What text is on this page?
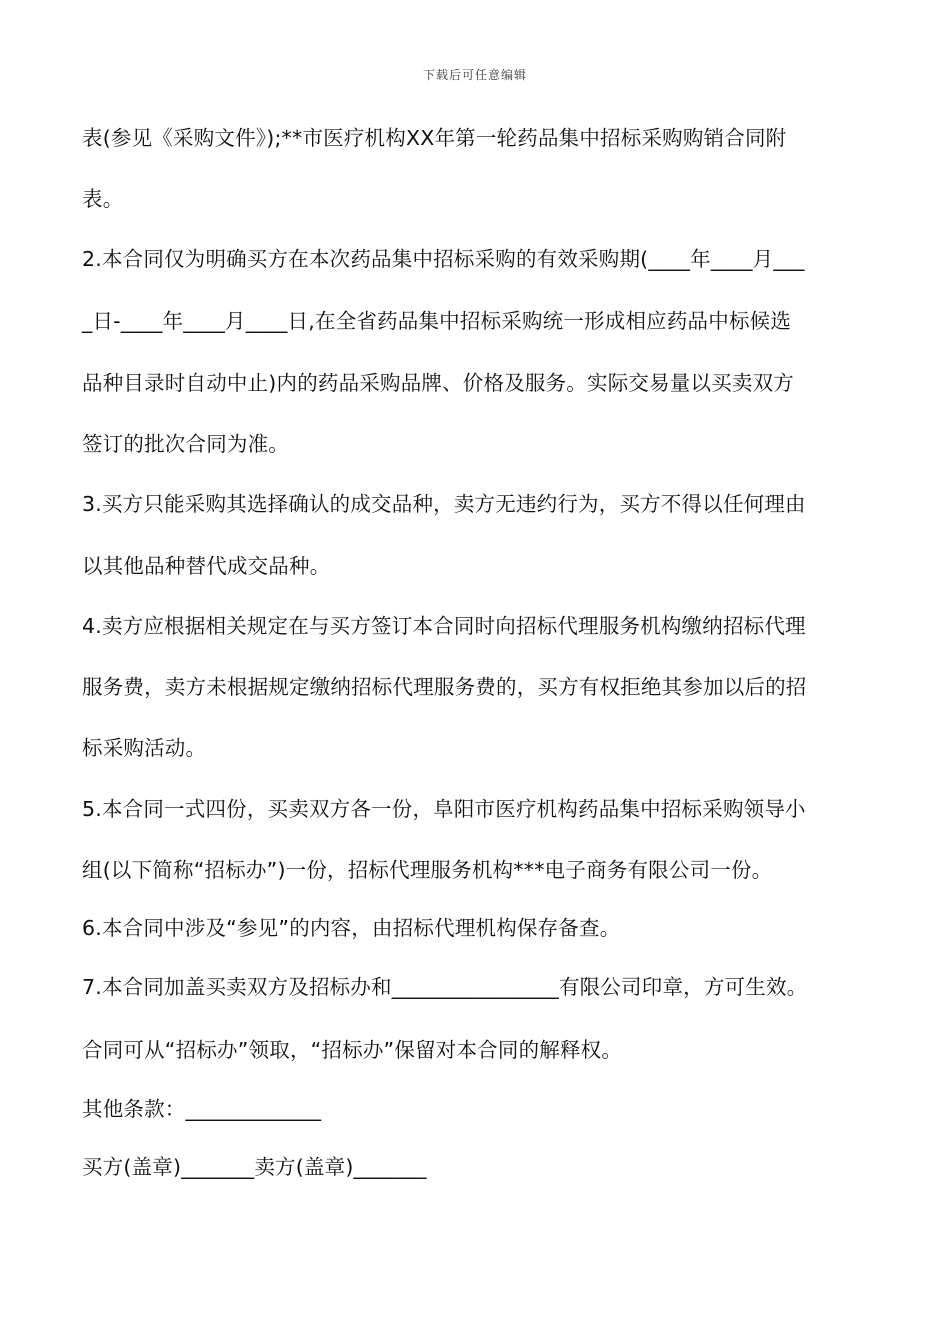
下载后可任意编辑
表(参见《采购文件》);**市医疗机构XX年第一轮药品集中招标采购购销合同附
表。
2.本合同仅为明确买方在本次药品集中招标采购的有效采购期(____年____月___
_日-____年____月____日,在全省药品集中招标采购统一形成相应药品中标候选
品种目录时自动中止)内的药品采购品牌、价格及服务。实际交易量以买卖双方
签订的批次合同为准。
3.买方只能采购其选择确认的成交品种，卖方无违约行为，买方不得以任何理由
以其他品种替代成交品种。
4.卖方应根据相关规定在与买方签订本合同时向招标代理服务机构缴纳招标代理
服务费，卖方未根据规定缴纳招标代理服务费的，买方有权拒绝其参加以后的招
标采购活动。
5.本合同一式四份，买卖双方各一份，阜阳市医疗机构药品集中招标采购领导小
组(以下简称“招标办”)一份，招标代理服务机构***电子商务有限公司一份。
6.本合同中涉及“参见”的内容，由招标代理机构保存备查。
7.本合同加盖买卖双方及招标办和________________有限公司印章，方可生效。
合同可从“招标办”领取，“招标办”保留对本合同的解释权。
其他条款：_____________
买方(盖章)_______卖方(盖章)_______
